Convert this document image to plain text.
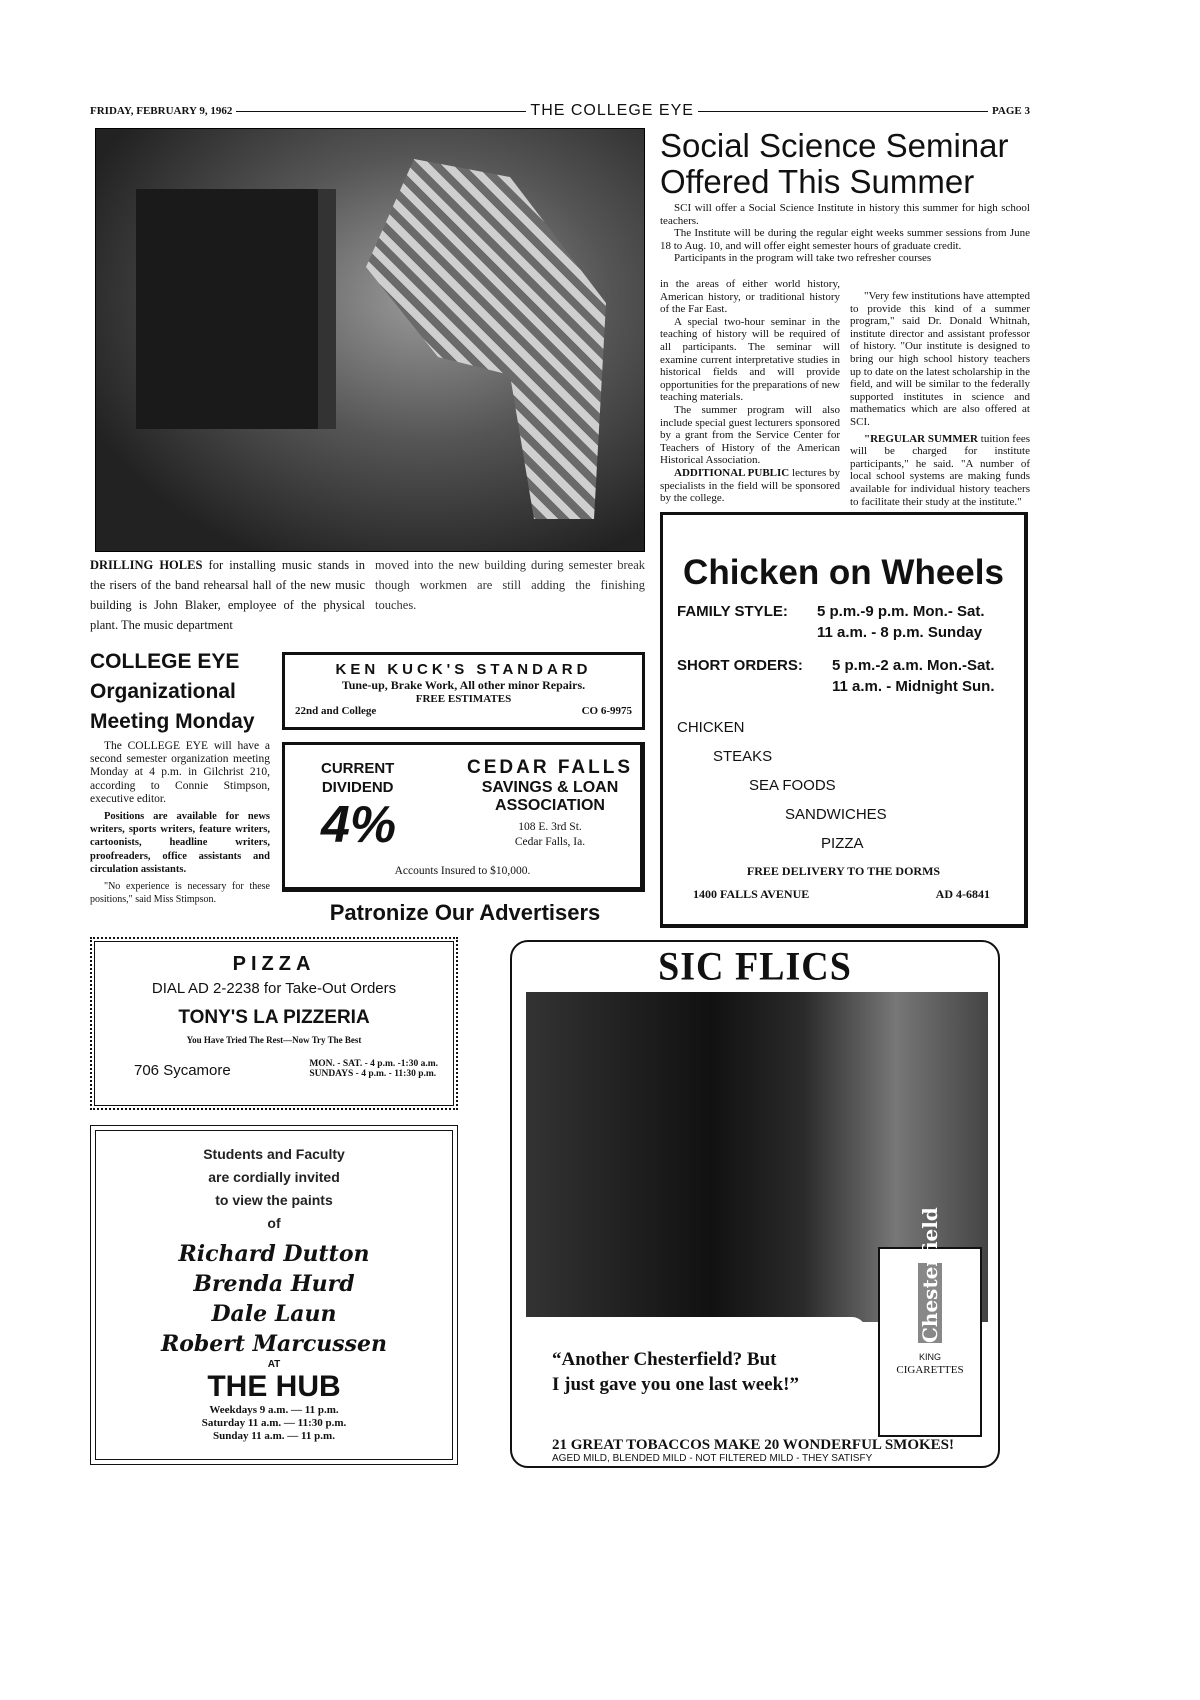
FRIDAY, FEBRUARY 9, 1962	THE COLLEGE EYE	PAGE 3
DRILLING HOLES for installing music stands in the risers of the band rehearsal hall of the new music building is John Blaker, employee of the physical plant. The music department
moved into the new building during semester break though workmen are still adding the finishing touches.
Social Science Seminar Offered This Summer

SCI will offer a Social Science Institute in history this summer for high school teachers.

The Institute will be during the regular eight weeks summer sessions from June 18 to Aug. 10, and will offer eight semester hours of graduate credit.

Participants in the program will take two refresher courses

in the areas of either world history, American history, or traditional history of the Far East.

A special two-hour seminar in the teaching of history will be required of all participants. The seminar will examine current interpretative studies in historical fields and will provide opportunities for the preparations of new teaching materials.

The summer program will also include special guest lecturers sponsored by a grant from the Service Center for Teachers of History of the American Historical Association.

ADDITIONAL PUBLIC lectures by specialists in the field will be sponsored by the college.

"Very few institutions have attempted to provide this kind of a summer program," said Dr. Donald Whitnah, institute director and assistant professor of history. "Our institute is designed to bring our high school history teachers up to date on the latest scholarship in the field, and will be similar to the federally supported institutes in science and mathematics which are also offered at SCI.

"REGULAR SUMMER tuition fees will be charged for institute participants," he said. "A number of local school systems are making funds available for individual history teachers to facilitate their study at the institute."

Chicken on Wheels
FAMILY STYLE:	5 p.m.-9 p.m. Mon.- Sat.
11 a.m. - 8 p.m. Sunday
SHORT ORDERS:	5 p.m.-2 a.m. Mon.-Sat.
11 a.m. - Midnight Sun.
CHICKEN
STEAKS
SEA FOODS
SANDWICHES
PIZZA
FREE DELIVERY TO THE DORMS
1400 FALLS AVENUE	AD 4-6841
COLLEGE EYE
Organizational
Meeting Monday

The COLLEGE EYE will have a second semester organization meeting Monday at 4 p.m. in Gilchrist 210, according to Connie Stimpson, executive editor.

Positions are available for news writers, sports writers, feature writers, cartoonists, headline writers, proofreaders, office assistants and circulation assistants.

"No experience is necessary for these positions," said Miss Stimpson.

KEN KUCK'S STANDARD
Tune-up, Brake Work, All other minor Repairs.
FREE ESTIMATES
22nd and College	CO 6-9975
CURRENT
DIVIDEND
4%
CEDAR FALLS
SAVINGS & LOAN
ASSOCIATION
108 E. 3rd St.
Cedar Falls, Ia.
Accounts Insured to $10,000.
Patronize Our Advertisers
PIZZA
DIAL AD 2-2238 for Take-Out Orders
TONY'S LA PIZZERIA
You Have Tried The Rest—Now Try The Best
706 Sycamore	MON. - SAT. - 4 p.m. -1:30 a.m.
SUNDAYS - 4 p.m. - 11:30 p.m.
Students and Faculty
are cordially invited
to view the paints
of
Richard Dutton
Brenda Hurd
Dale Laun
Robert Marcussen
AT
THE HUB
Weekdays 9 a.m. — 11 p.m.
Saturday 11 a.m. — 11:30 p.m.
Sunday 11 a.m. — 11 p.m.
SIC FLICS
“Another Chesterfield? But
I just gave you one last week!”
Chesterfield
KING
CIGARETTES
21 GREAT TOBACCOS MAKE 20 WONDERFUL SMOKES!
AGED MILD, BLENDED MILD - NOT FILTERED MILD - THEY SATISFY
